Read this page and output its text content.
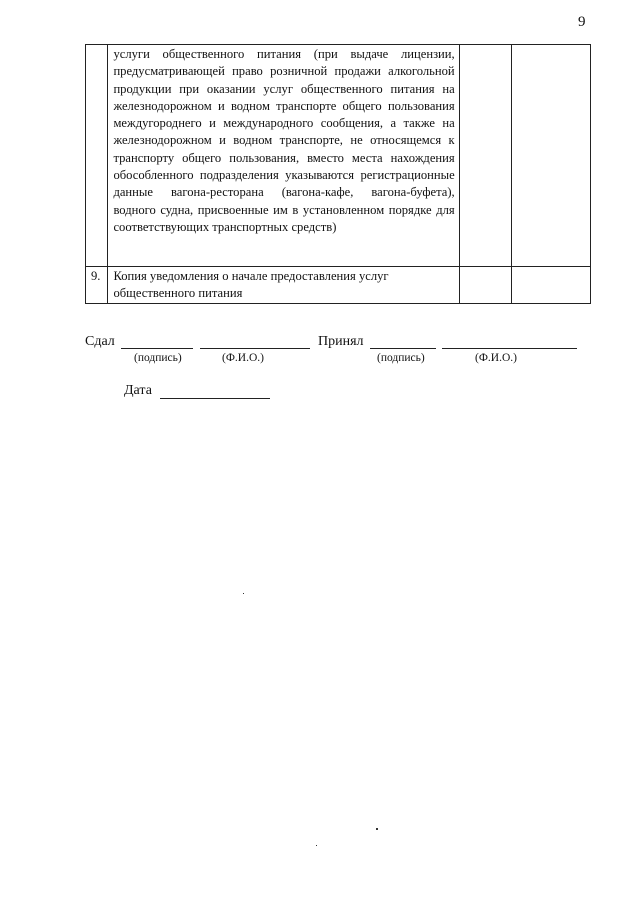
9
	услуги общественного питания (при выдаче лицензии, предусматривающей право розничной продажи алкогольной продукции при оказании услуг общественного питания на железнодорожном и водном транспорте общего пользования междугороднего и международного сообщения, а также на железнодорожном и водном транспорте, не относящемся к транспорту общего пользования, вместо места нахождения обособленного подразделения указываются регистрационные данные вагона-ресторана (вагона-кафе, вагона-буфета), водного судна, присвоенные им в установленном порядке для соответствующих транспортных средств)		
9.	Копия уведомления о начале предоставления услуг общественного питания		
Сдал	Принял
(подпись)	(Ф.И.О.)	(подпись)	(Ф.И.О.)
Дата
